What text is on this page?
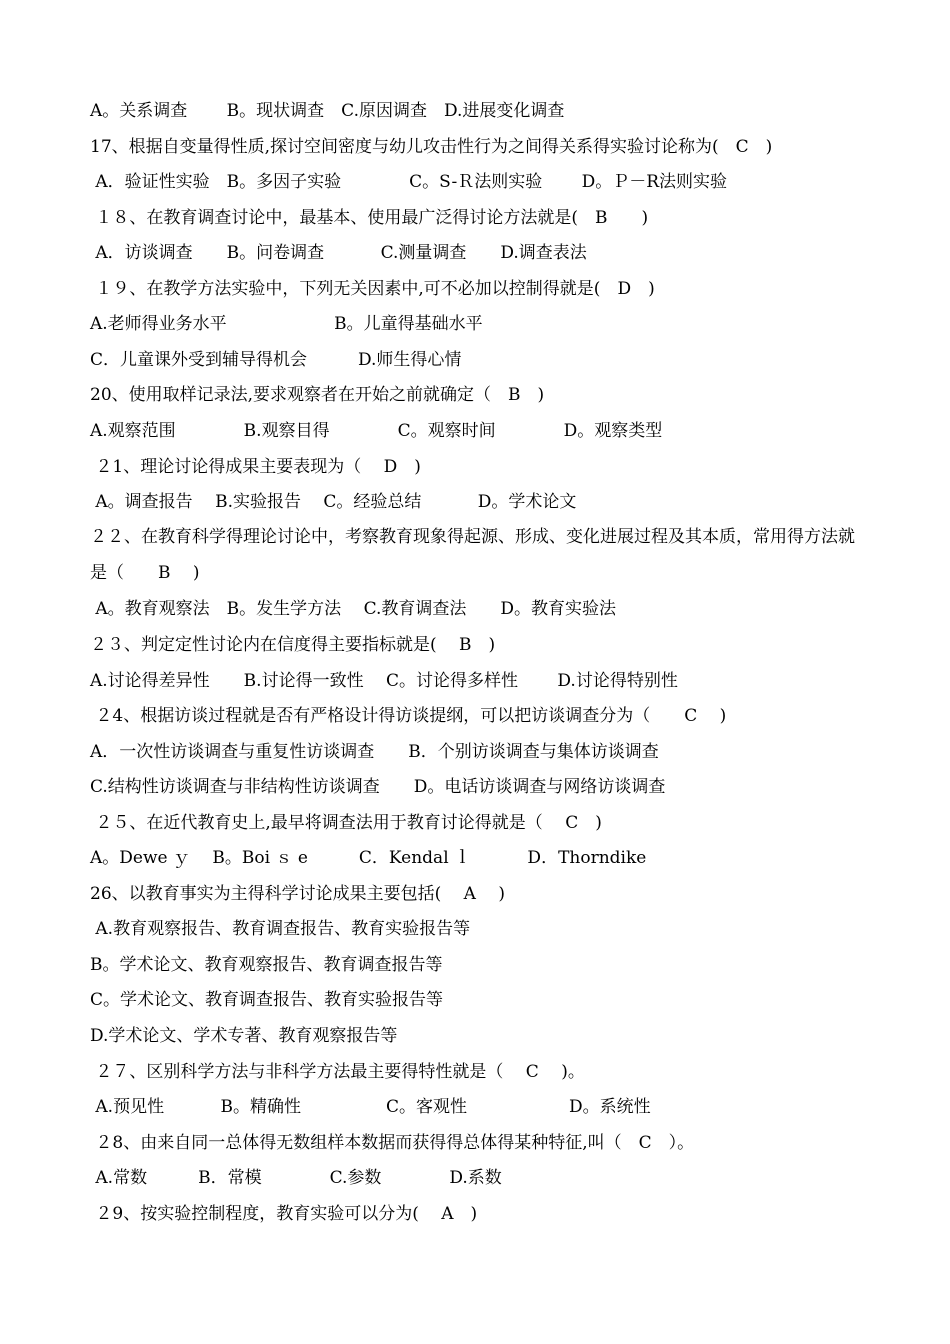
A。关系调查　　 B。现状调查　C.原因调查　D.进展变化调查
17、根据自变量得性质,探讨空间密度与幼儿攻击性行为之间得关系得实验讨论称为(　C　)
A．验证性实验　B。多因子实验　　　　C。S-Ｒ法则实验　　 D。Ｐ－R法则实验
１８、在教育调查讨论中，最基本、使用最广泛得讨论方法就是(　B　　)
A．访谈调查　　B。问卷调查　　　 C.测量调查　　D.调查表法
１９、在教学方法实验中，下列无关因素中,可不必加以控制得就是(　D　)
A.老师得业务水平　　　　　　 B。儿童得基础水平
C．儿童课外受到辅导得机会　　　D.师生得心情
20、使用取样记录法,要求观察者在开始之前就确定（　B　)
A.观察范围　　　　B.观察目得　　　　C。观察时间　　　　D。观察类型
２1、理论讨论得成果主要表现为（　 D　)
A。调查报告　 B.实验报告　 C。经验总结　　　 D。学术论文
２２、在教育科学得理论讨论中，考察教育现象得起源、形成、变化进展过程及其本质，常用得方法就是（　　B　 )
A。教育观察法　B。发生学方法　 C.教育调查法　　D。教育实验法
２３、判定定性讨论内在信度得主要指标就是(　 B　)
A.讨论得差异性　　B.讨论得一致性　 C。讨论得多样性　　 D.讨论得特别性
２4、根据访谈过程就是否有严格设计得访谈提纲，可以把访谈调查分为（　　C　 )
A．一次性访谈调查与重复性访谈调查　　B．个别访谈调查与集体访谈调查
C.结构性访谈调查与非结构性访谈调查　　D。电话访谈调查与网络访谈调查
２５、在近代教育史上,最早将调查法用于教育讨论得就是（　 C　)
A。Dewe ｙ　 B。Boi ｓ e　　　C．Kendal ｌ　　　 D．Thorndike
26、以教育事实为主得科学讨论成果主要包括(　 A　 )
A.教育观察报告、教育调查报告、教育实验报告等
B。学术论文、教育观察报告、教育调查报告等
C。学术论文、教育调查报告、教育实验报告等
D.学术论文、学术专著、教育观察报告等
２７、区别科学方法与非科学方法最主要得特性就是（　 C　 )。
A.预见性　　　 B。精确性　　　　　C。客观性　　　　　　D。系统性
２8、由来自同一总体得无数组样本数据而获得得总体得某种特征,叫（　C　）。
A.常数　　　B．常模　　　　C.参数　　　　D.系数
２9、按实验控制程度，教育实验可以分为(　 A　)
